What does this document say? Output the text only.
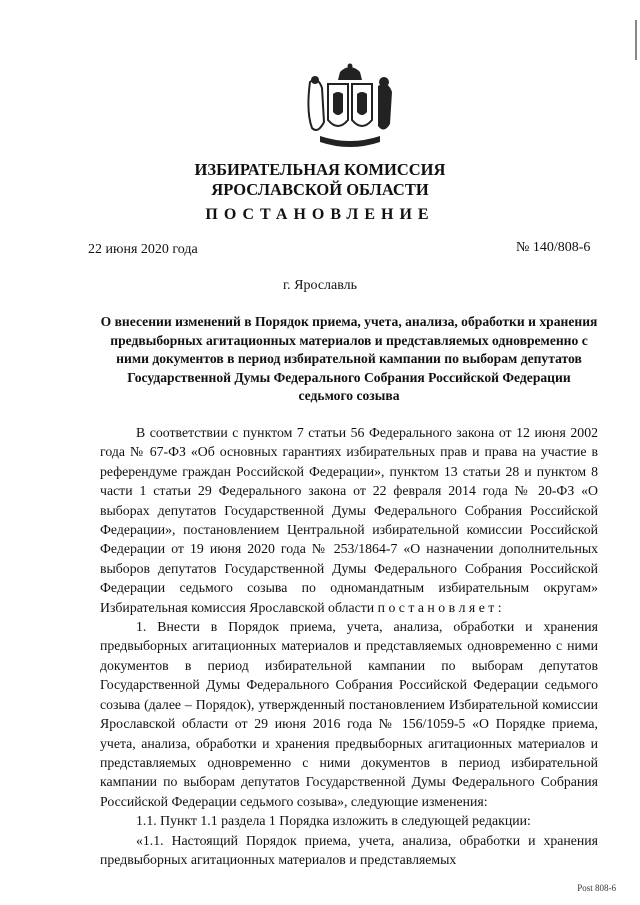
ИЗБИРАТЕЛЬНАЯ КОМИССИЯ
ЯРОСЛАВСКОЙ ОБЛАСТИ
ПОСТАНОВЛЕНИЕ
22 июня 2020 года	№ 140/808-6
г. Ярославль
О внесении изменений в Порядок приема, учета, анализа, обработки и хранения предвыборных агитационных материалов и представляемых одновременно с ними документов в период избирательной кампании по выборам депутатов Государственной Думы Федерального Собрания Российской Федерации седьмого созыва

В соответствии с пунктом 7 статьи 56 Федерального закона от 12 июня 2002 года № 67-ФЗ «Об основных гарантиях избирательных прав и права на участие в референдуме граждан Российской Федерации», пунктом 13 статьи 28 и пунктом 8 части 1 статьи 29 Федерального закона от 22 февраля 2014 года № 20-ФЗ «О выборах депутатов Государственной Думы Федерального Собрания Российской Федерации», постановлением Центральной избирательной комиссии Российской Федерации от 19 июня 2020 года № 253/1864-7 «О назначении дополнительных выборов депутатов Государственной Думы Федерального Собрания Российской Федерации седьмого созыва по одномандатным избирательным округам» Избирательная комиссия Ярославской области п о с т а н о в л я е т :

1. Внести в Порядок приема, учета, анализа, обработки и хранения предвыборных агитационных материалов и представляемых одновременно с ними документов в период избирательной кампании по выборам депутатов Государственной Думы Федерального Собрания Российской Федерации седьмого созыва (далее – Порядок), утвержденный постановлением Избирательной комиссии Ярославской области от 29 июня 2016 года № 156/1059-5 «О Порядке приема, учета, анализа, обработки и хранения предвыборных агитационных материалов и представляемых одновременно с ними документов в период избирательной кампании по выборам депутатов Государственной Думы Федерального Собрания Российской Федерации седьмого созыва», следующие изменения:

1.1. Пункт 1.1 раздела 1 Порядка изложить в следующей редакции:

«1.1. Настоящий Порядок приема, учета, анализа, обработки и хранения предвыборных агитационных материалов и представляемых

Post 808-6
